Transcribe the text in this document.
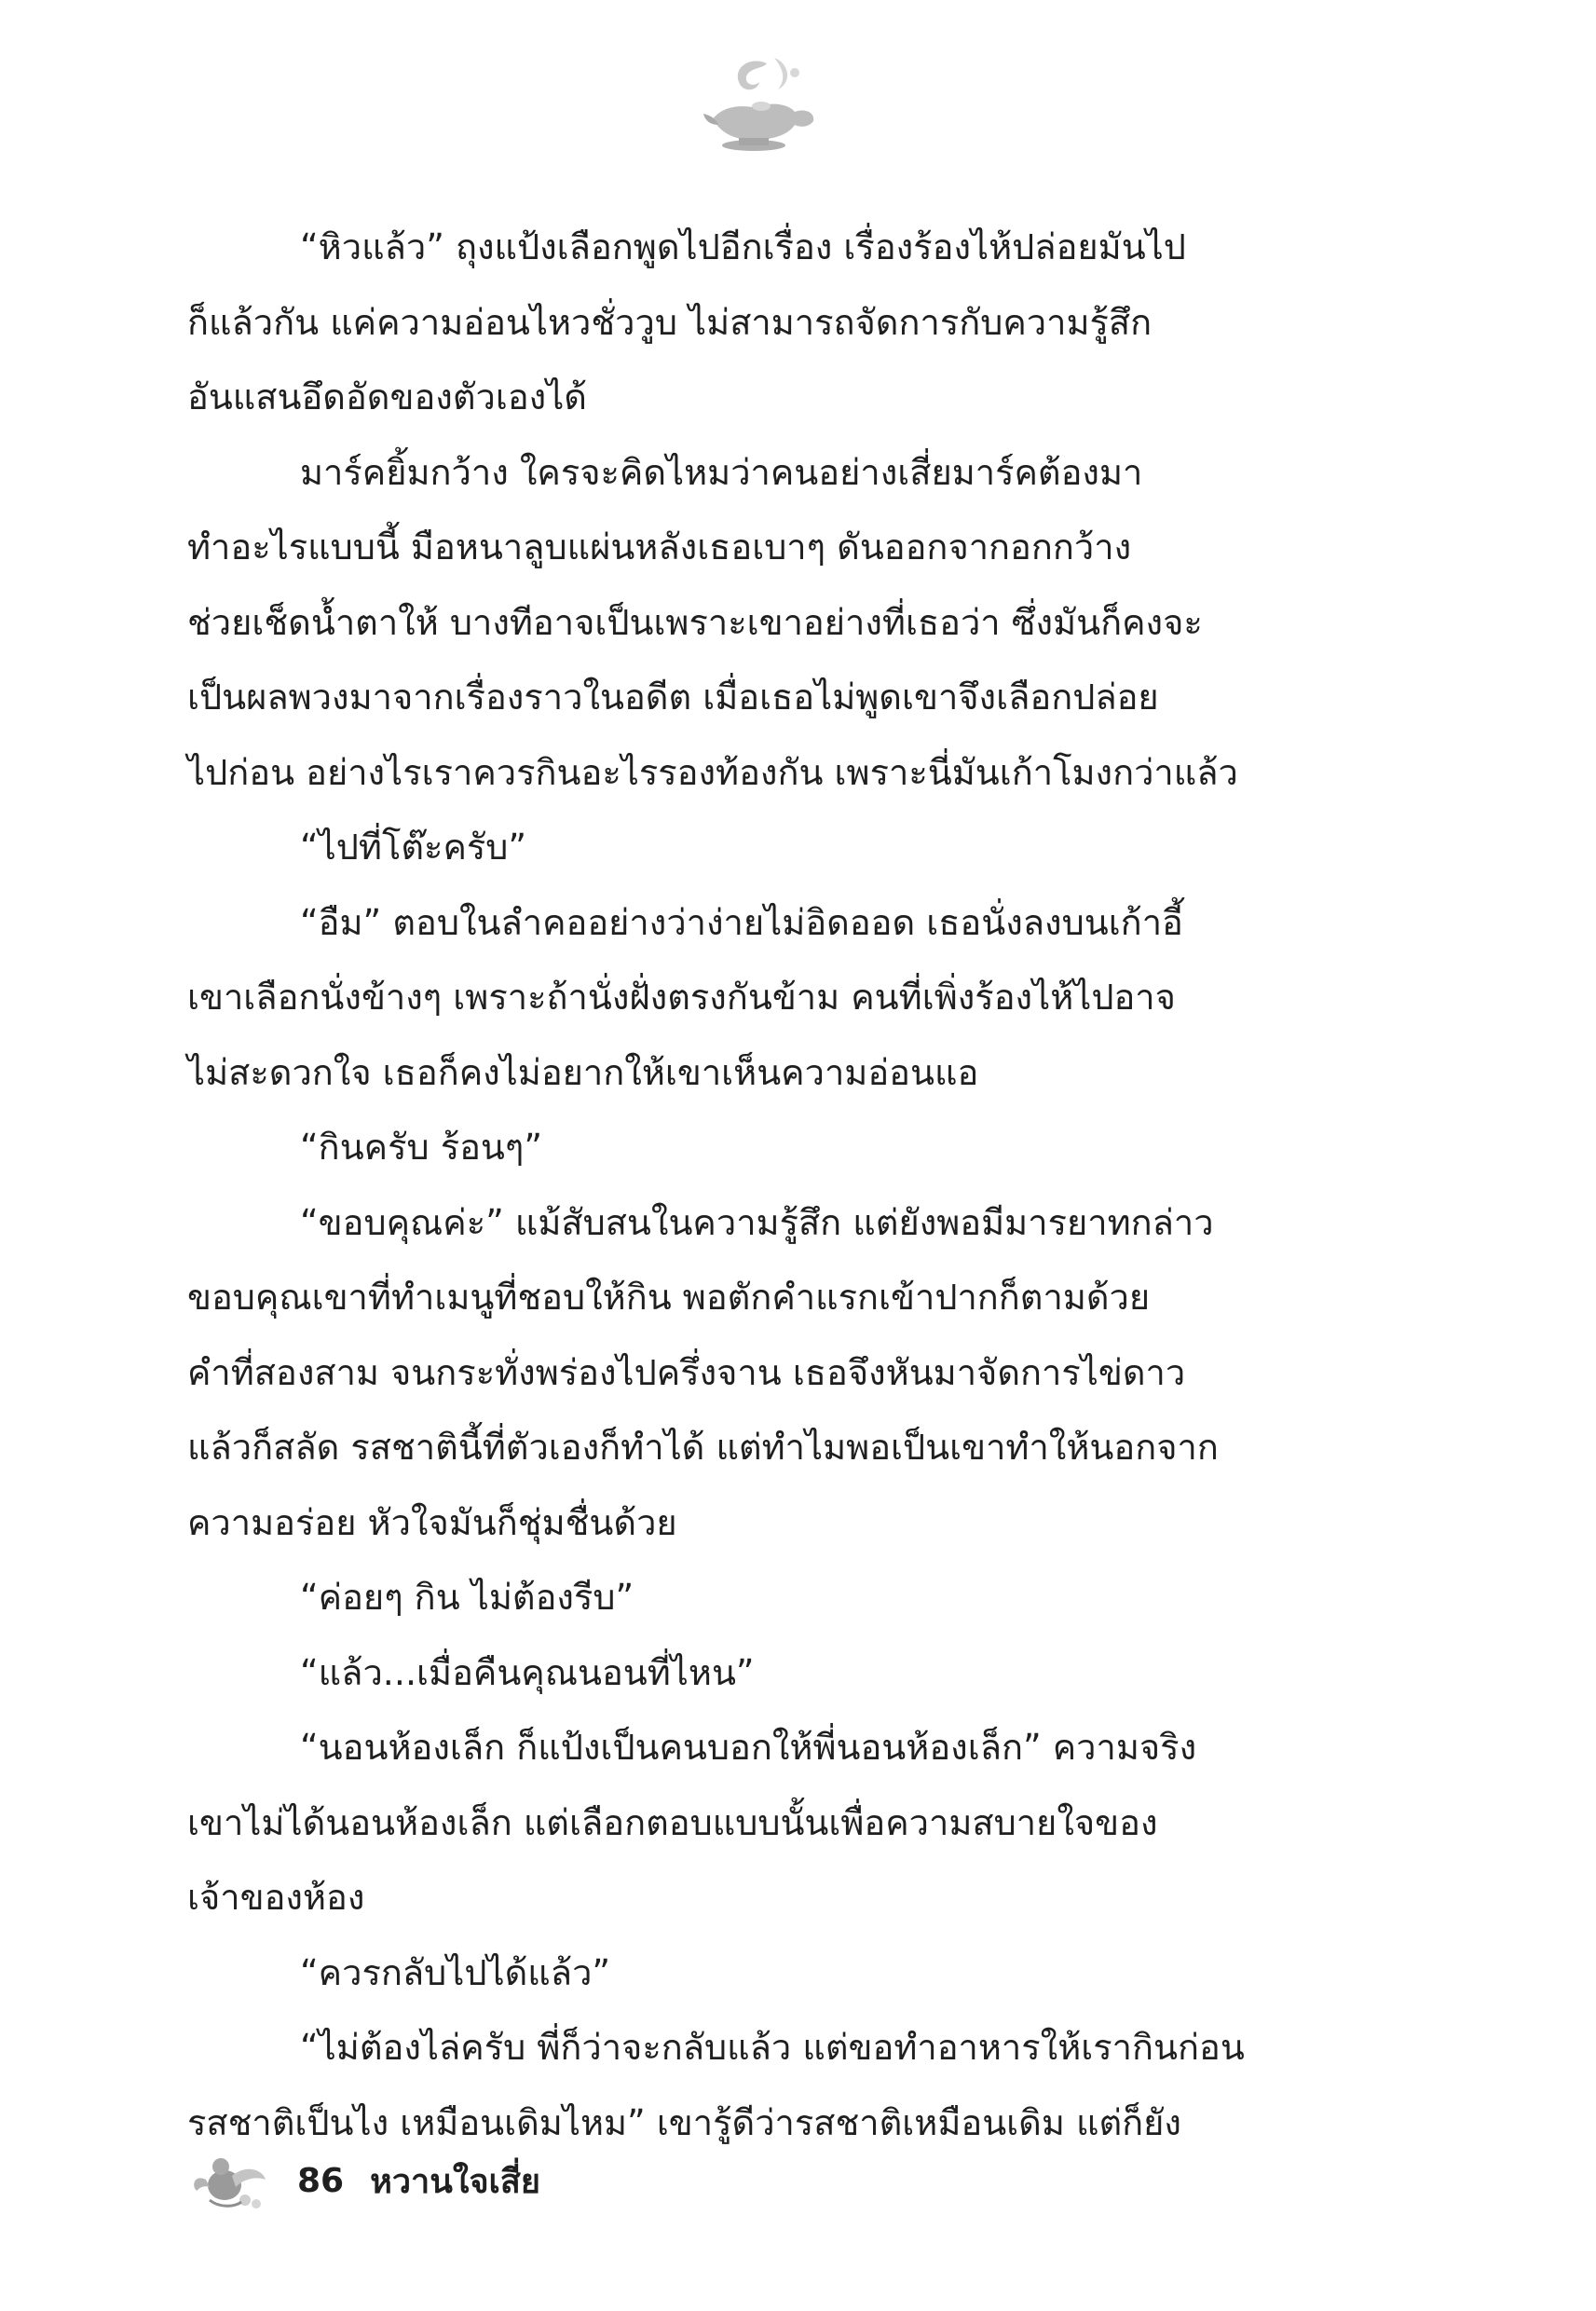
“หิวแล้ว” ถุงแป้งเลือกพูดไปอีกเรื่อง เรื่องร้องไห้ปล่อยมันไป

ก็แล้วกัน แค่ความอ่อนไหวชั่ววูบ ไม่สามารถจัดการกับความรู้สึก

อันแสนอึดอัดของตัวเองได้

มาร์คยิ้มกว้าง ใครจะคิดไหมว่าคนอย่างเสี่ยมาร์คต้องมา

ทำอะไรแบบนี้ มือหนาลูบแผ่นหลังเธอเบาๆ ดันออกจากอกกว้าง

ช่วยเช็ดน้ำตาให้ บางทีอาจเป็นเพราะเขาอย่างที่เธอว่า ซึ่งมันก็คงจะ

เป็นผลพวงมาจากเรื่องราวในอดีต เมื่อเธอไม่พูดเขาจึงเลือกปล่อย

ไปก่อน อย่างไรเราควรกินอะไรรองท้องกัน เพราะนี่มันเก้าโมงกว่าแล้ว

“ไปที่โต๊ะครับ”

“อืม” ตอบในลำคออย่างว่าง่ายไม่อิดออด เธอนั่งลงบนเก้าอี้

เขาเลือกนั่งข้างๆ เพราะถ้านั่งฝั่งตรงกันข้าม คนที่เพิ่งร้องไห้ไปอาจ

ไม่สะดวกใจ เธอก็คงไม่อยากให้เขาเห็นความอ่อนแอ

“กินครับ ร้อนๆ”

“ขอบคุณค่ะ” แม้สับสนในความรู้สึก แต่ยังพอมีมารยาทกล่าว

ขอบคุณเขาที่ทำเมนูที่ชอบให้กิน พอตักคำแรกเข้าปากก็ตามด้วย

คำที่สองสาม จนกระทั่งพร่องไปครึ่งจาน เธอจึงหันมาจัดการไข่ดาว

แล้วก็สลัด รสชาตินี้ที่ตัวเองก็ทำได้ แต่ทำไมพอเป็นเขาทำให้นอกจาก

ความอร่อย หัวใจมันก็ชุ่มชื่นด้วย

“ค่อยๆ กิน ไม่ต้องรีบ”

“แล้ว...เมื่อคืนคุณนอนที่ไหน”

“นอนห้องเล็ก ก็แป้งเป็นคนบอกให้พี่นอนห้องเล็ก” ความจริง

เขาไม่ได้นอนห้องเล็ก แต่เลือกตอบแบบนั้นเพื่อความสบายใจของ

เจ้าของห้อง

“ควรกลับไปได้แล้ว”

“ไม่ต้องไล่ครับ พี่ก็ว่าจะกลับแล้ว แต่ขอทำอาหารให้เรากินก่อน

รสชาติเป็นไง เหมือนเดิมไหม” เขารู้ดีว่ารสชาติเหมือนเดิม แต่ก็ยัง

86 หวานใจเสี่ย
